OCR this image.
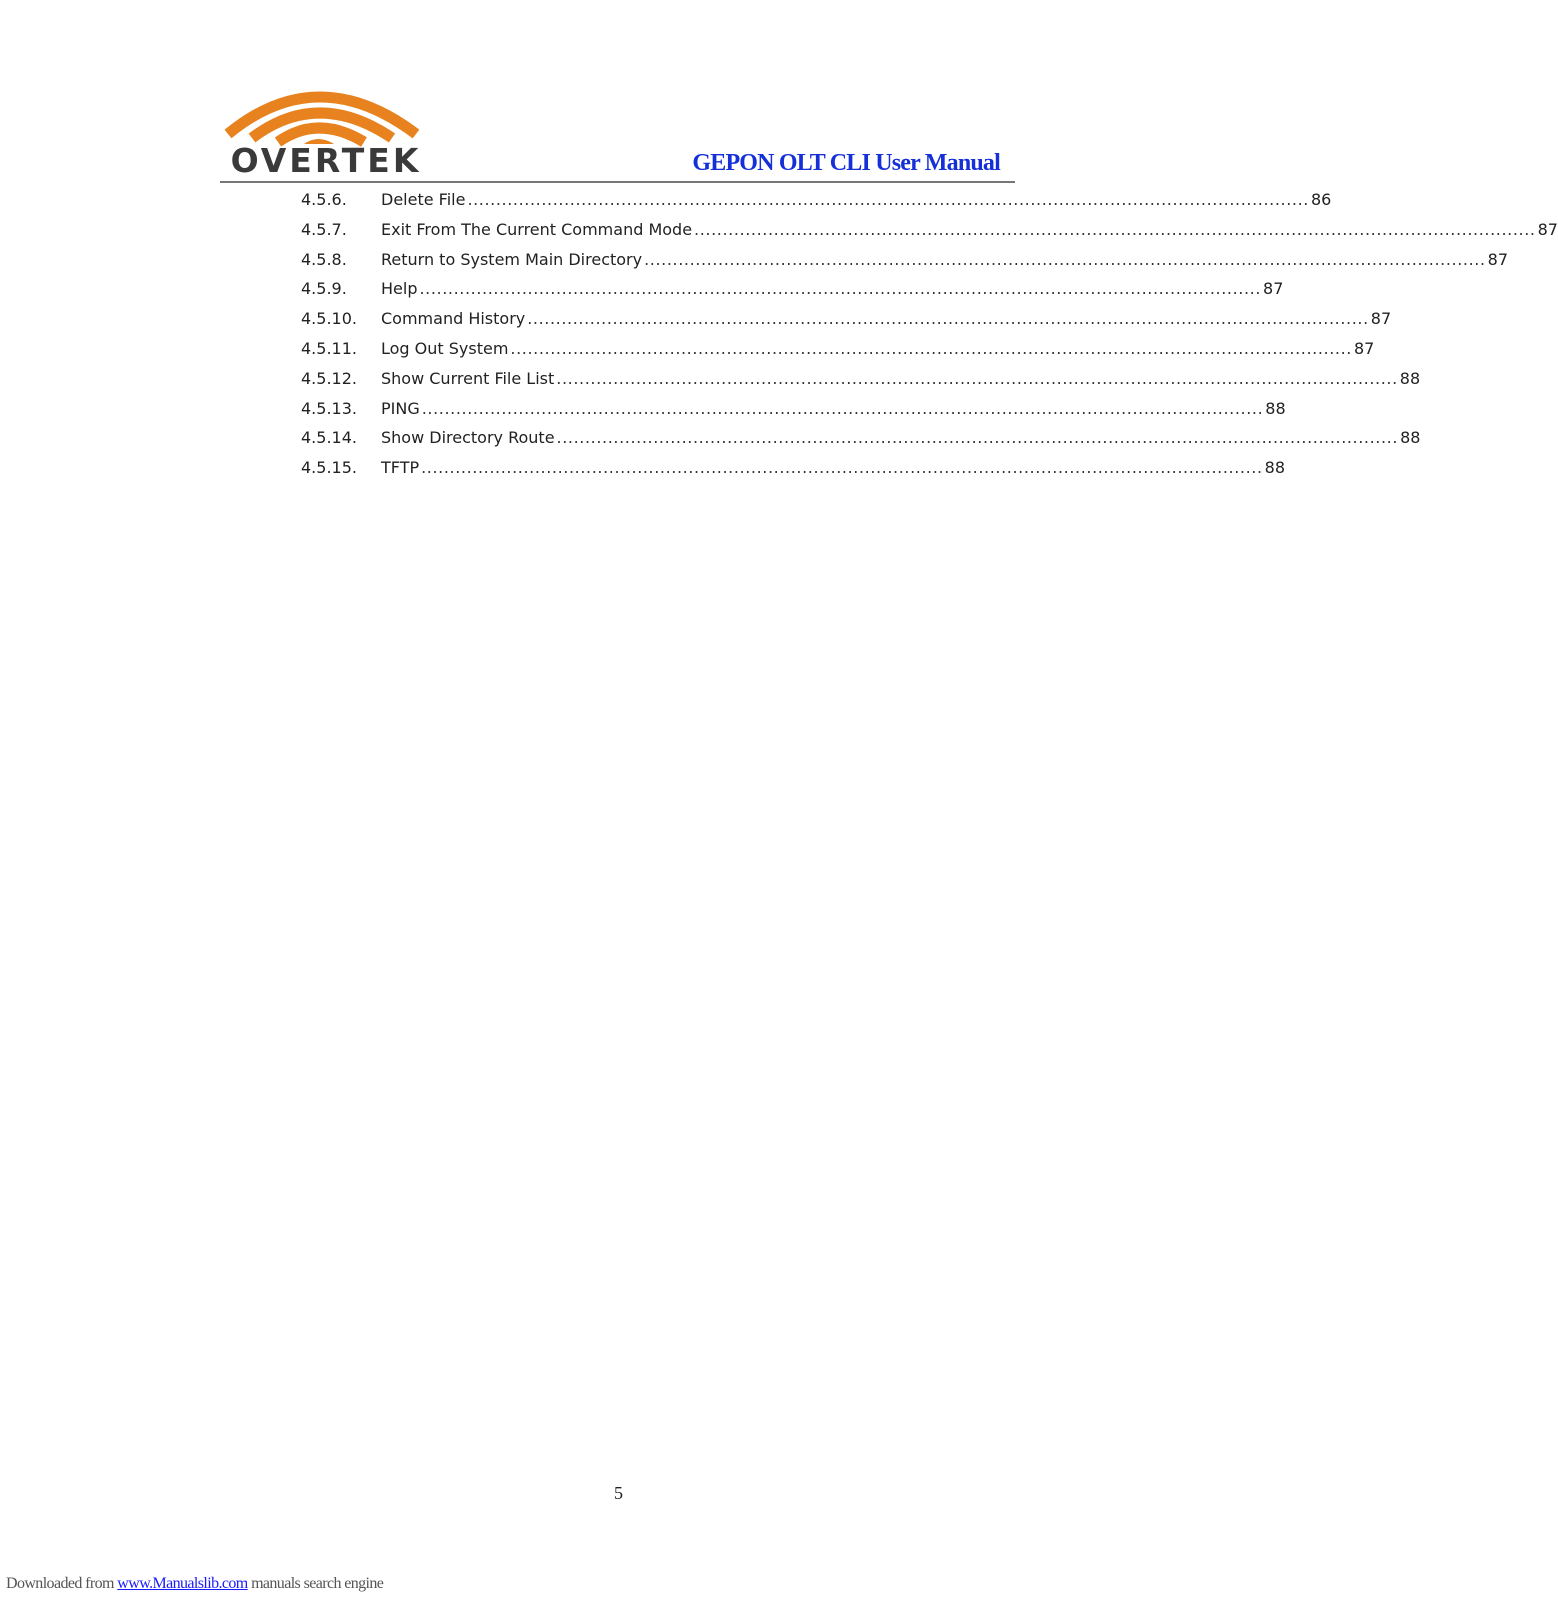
OVERTEK	GEPON OLT CLI User Manual
4.5.6.	Delete File .................................................................................................................................................... 86
4.5.7.	Exit From The Current Command Mode .................................................................................................................................................... 87
4.5.8.	Return to System Main Directory .................................................................................................................................................... 87
4.5.9.	Help .................................................................................................................................................... 87
4.5.10.	Command History .................................................................................................................................................... 87
4.5.11.	Log Out System .................................................................................................................................................... 87
4.5.12.	Show Current File List .................................................................................................................................................... 88
4.5.13.	PING .................................................................................................................................................... 88
4.5.14.	Show Directory Route .................................................................................................................................................... 88
4.5.15.	TFTP .................................................................................................................................................... 88
5
Downloaded from www.Manualslib.com manuals search engine
